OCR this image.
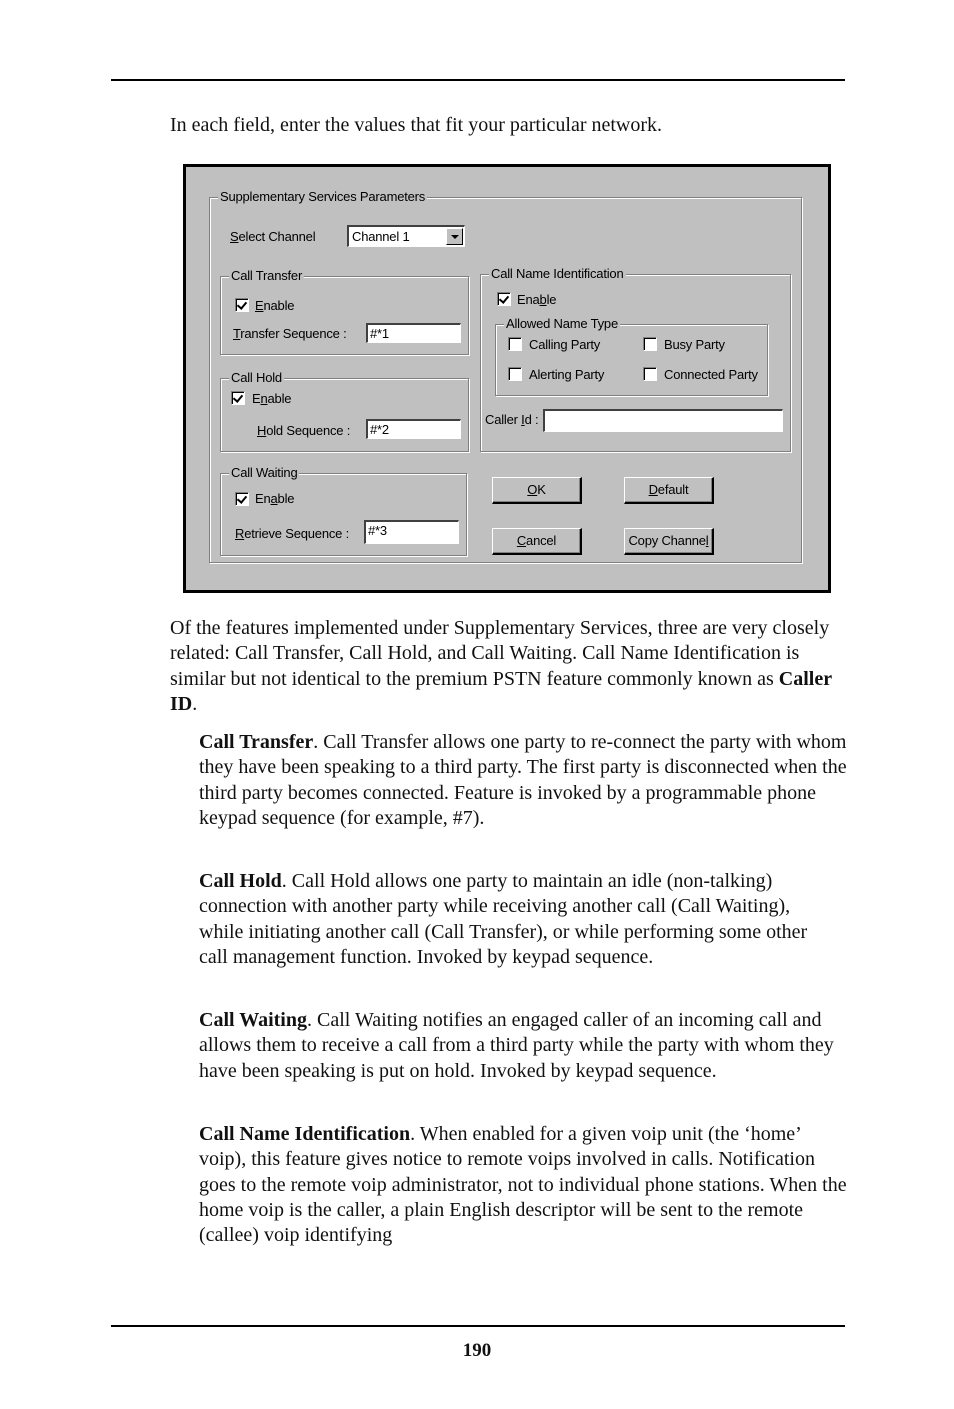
In each field, enter the values that fit your particular network.
Supplementary Services Parameters
Select Channel	Channel 1
Call Transfer
Enable
Transfer Sequence :	#*1
Call Hold
Enable
Hold Sequence :	#*2
Call Waiting
Enable
Retrieve Sequence :	#*3
Call Name Identification
Enable
Allowed Name Type
Calling Party	Busy Party
Alerting Party	Connected Party
Caller Id :
OK	Default
Cancel	Copy Channel

Of the features implemented under Supplementary Services, three are very closely related: Call Transfer, Call Hold, and Call Waiting. Call Name Identification is similar but not identical to the premium PSTN feature commonly known as Caller ID.

Call Transfer. Call Transfer allows one party to re-connect the party with whom they have been speaking to a third party. The first party is disconnected when the third party becomes connected. Feature is invoked by a programmable phone keypad sequence (for example, #7).

Call Hold. Call Hold allows one party to maintain an idle (non-talking) connection with another party while receiving another call (Call Waiting), while initiating another call (Call Transfer), or while performing some other call management function. Invoked by keypad sequence.

Call Waiting. Call Waiting notifies an engaged caller of an incoming call and allows them to receive a call from a third party while the party with whom they have been speaking is put on hold. Invoked by keypad sequence.

Call Name Identification. When enabled for a given voip unit (the ‘home’ voip), this feature gives notice to remote voips involved in calls. Notification goes to the remote voip administrator, not to individual phone stations. When the home voip is the caller, a plain English descriptor will be sent to the remote (callee) voip identifying

190
